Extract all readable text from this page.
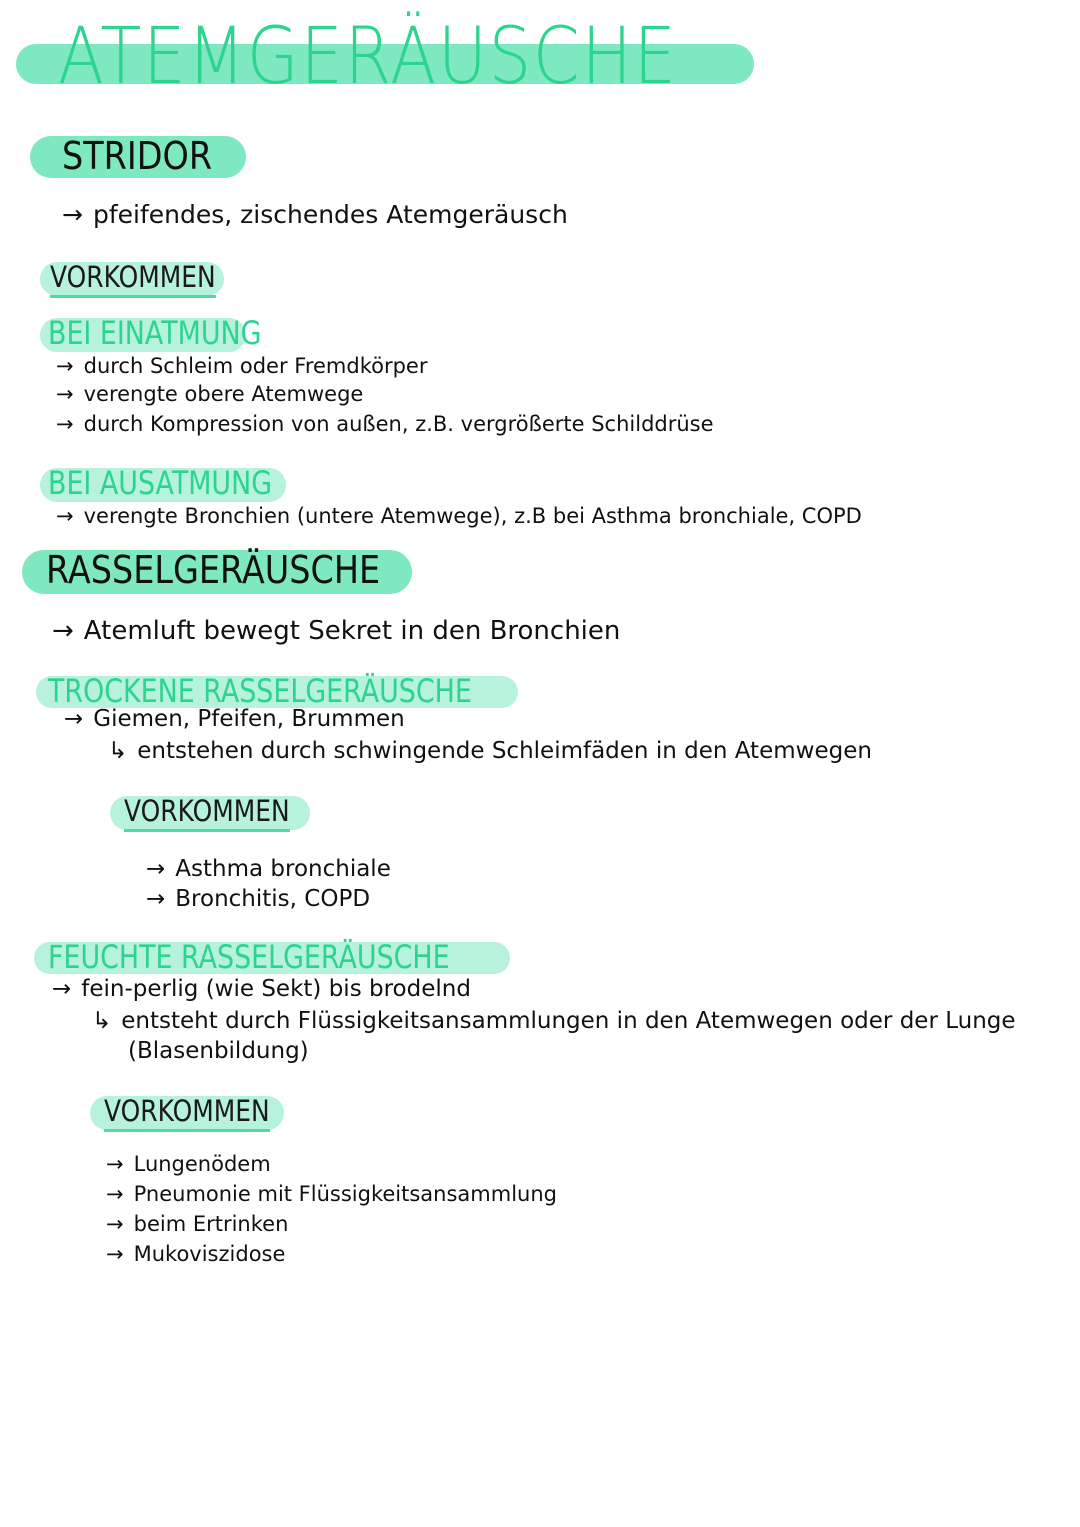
ATEMGERÄUSCHE
STRIDOR
→ pfeifendes, zischendes Atemgeräusch
VORKOMMEN
BEI EINATMUNG
→ durch Schleim oder Fremdkörper
→ verengte obere Atemwege
→ durch Kompression von außen, z.B. vergrößerte Schilddrüse
BEI AUSATMUNG
→ verengte Bronchien (untere Atemwege), z.B bei Asthma bronchiale, COPD
RASSELGERÄUSCHE
→ Atemluft bewegt Sekret in den Bronchien
TROCKENE RASSELGERÄUSCHE
→ Giemen, Pfeifen, Brummen
↳ entstehen durch schwingende Schleimfäden in den Atemwegen
VORKOMMEN
→ Asthma bronchiale
→ Bronchitis, COPD
FEUCHTE RASSELGERÄUSCHE
→ fein-perlig (wie Sekt) bis brodelnd
↳ entsteht durch Flüssigkeitsansammlungen in den Atemwegen oder der Lunge
(Blasenbildung)
VORKOMMEN
→ Lungenödem
→ Pneumonie mit Flüssigkeitsansammlung
→ beim Ertrinken
→ Mukoviszidose
